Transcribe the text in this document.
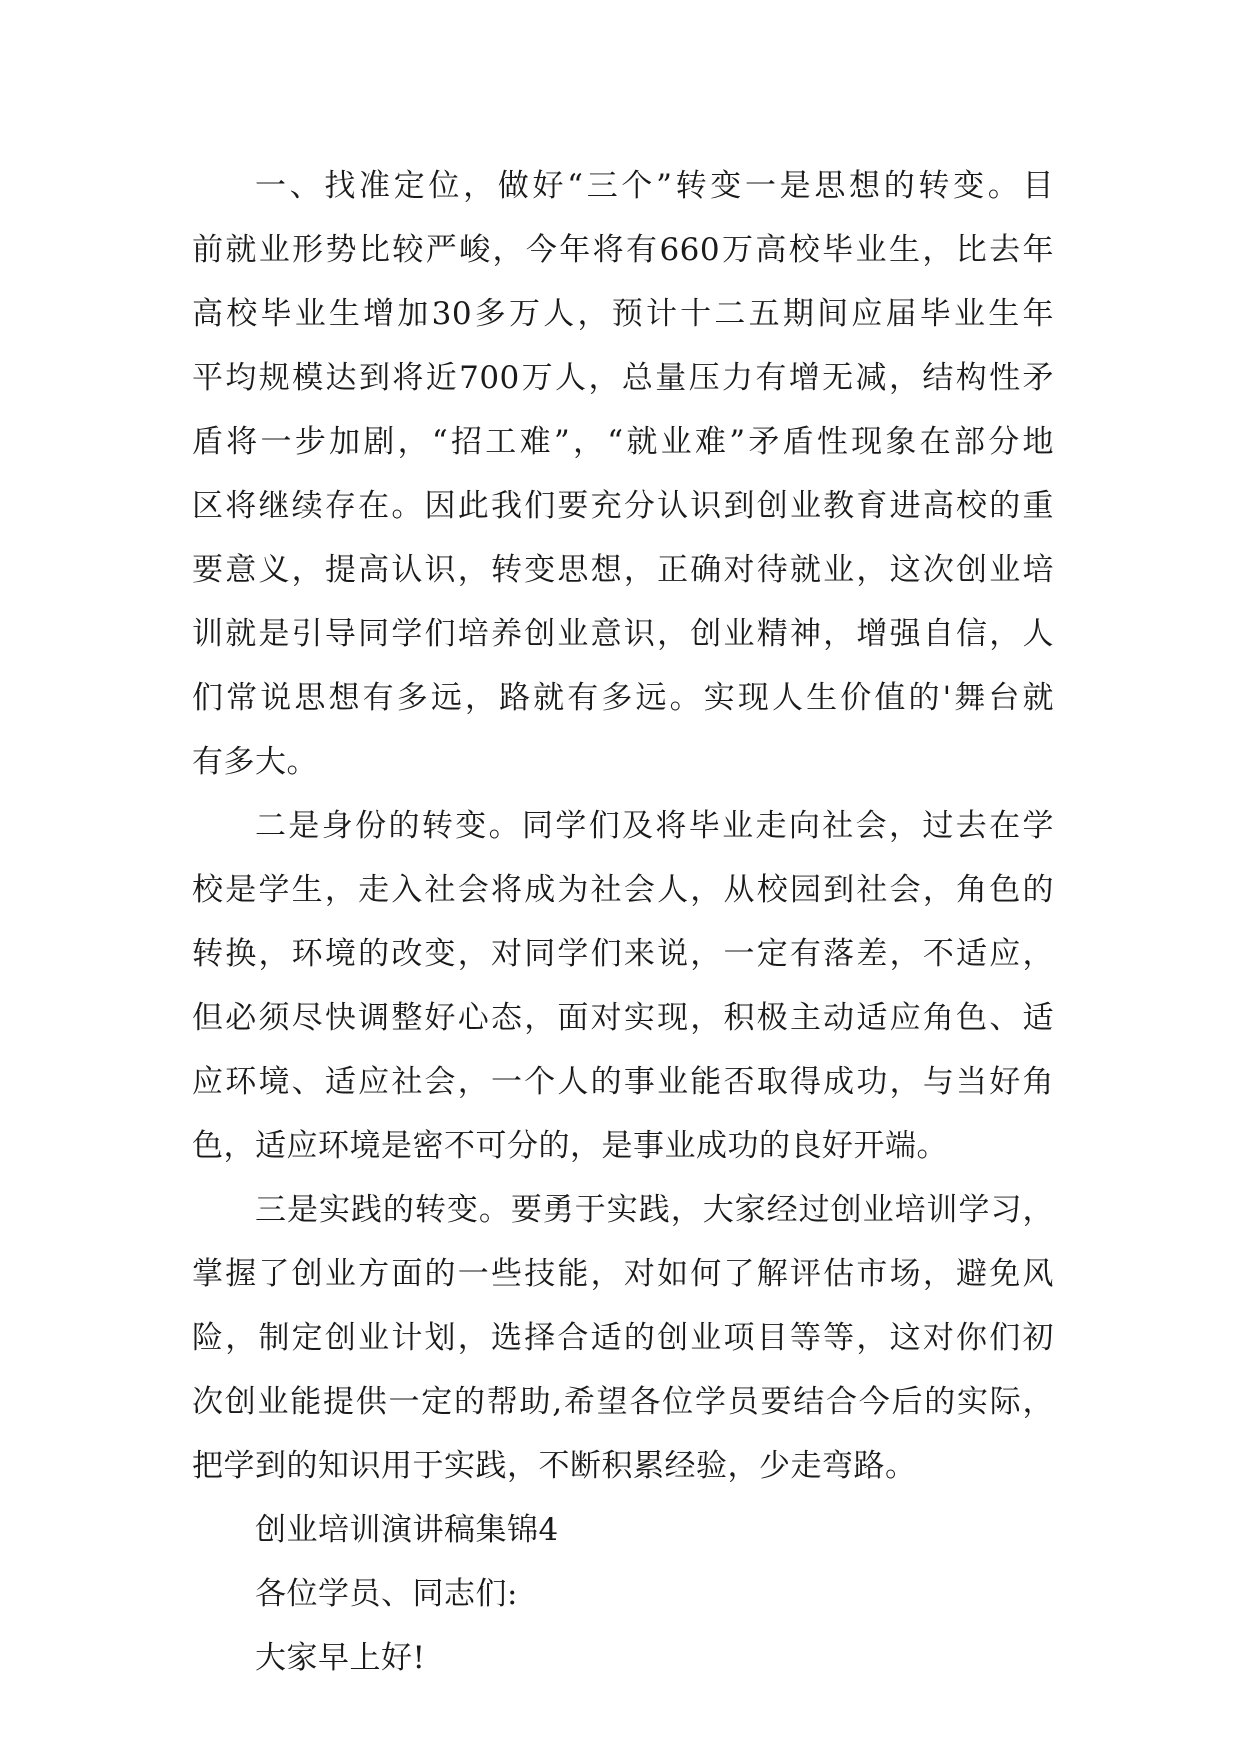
一、找准定位，做好“三个”转变一是思想的转变。目
前就业形势比较严峻，今年将有660万高校毕业生，比去年
高校毕业生增加30多万人，预计十二五期间应届毕业生年
平均规模达到将近700万人，总量压力有增无减，结构性矛
盾将一步加剧，“招工难”，“就业难”矛盾性现象在部分地
区将继续存在。因此我们要充分认识到创业教育进高校的重
要意义，提高认识，转变思想，正确对待就业，这次创业培
训就是引导同学们培养创业意识，创业精神，增强自信，人
们常说思想有多远，路就有多远。实现人生价值的'舞台就
有多大。
二是身份的转变。同学们及将毕业走向社会，过去在学
校是学生，走入社会将成为社会人，从校园到社会，角色的
转换，环境的改变，对同学们来说，一定有落差，不适应，
但必须尽快调整好心态，面对实现，积极主动适应角色、适
应环境、适应社会，一个人的事业能否取得成功，与当好角
色，适应环境是密不可分的，是事业成功的良好开端。
三是实践的转变。要勇于实践，大家经过创业培训学习，
掌握了创业方面的一些技能，对如何了解评估市场，避免风
险，制定创业计划，选择合适的创业项目等等，这对你们初
次创业能提供一定的帮助,希望各位学员要结合今后的实际，
把学到的知识用于实践，不断积累经验，少走弯路。
创业培训演讲稿集锦4
各位学员、同志们:
大家早上好!
